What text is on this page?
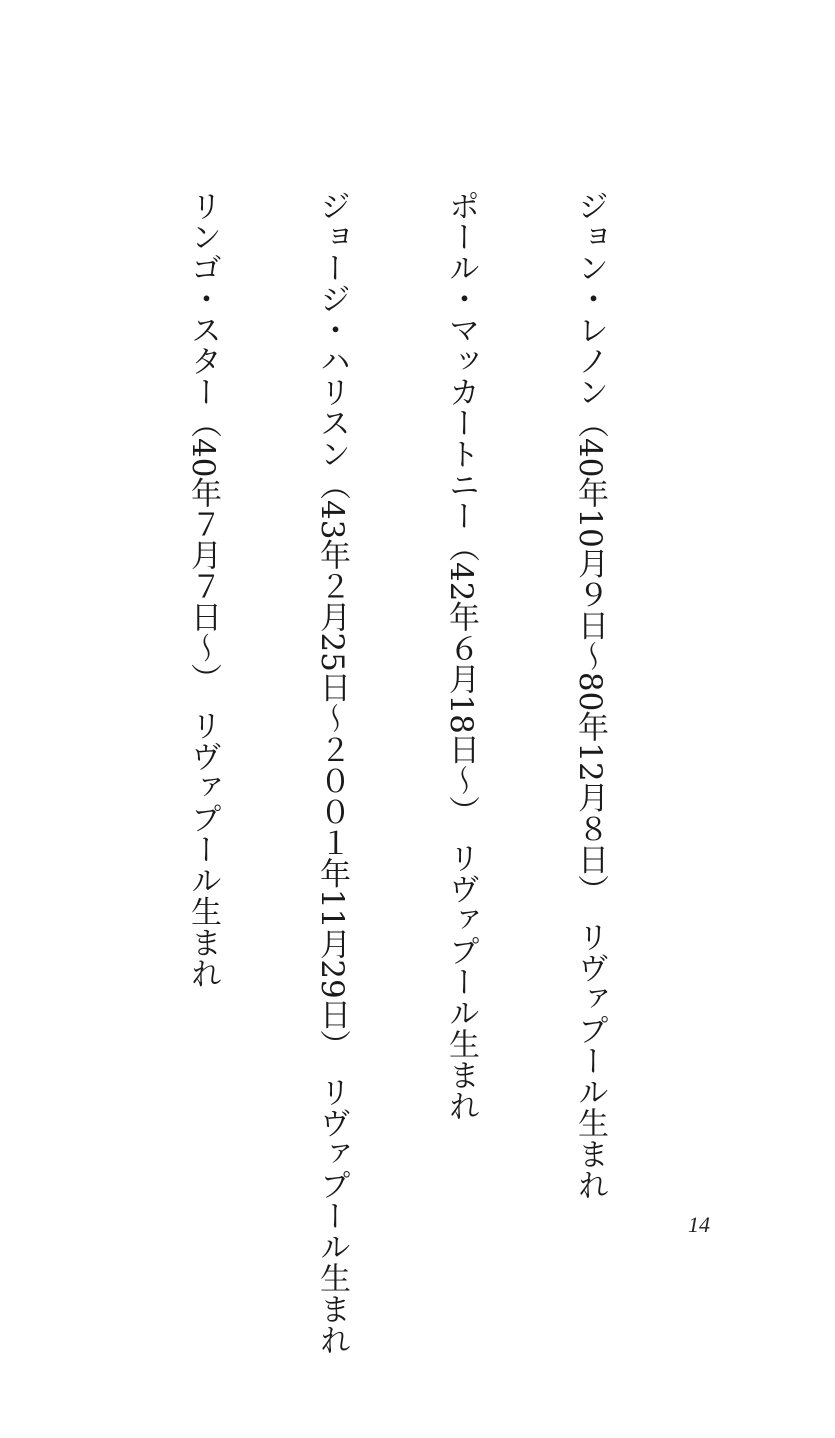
ジョン・レノン（40年10月９日〜80年12月８日）　リヴァプール生まれ

ポール・マッカートニー（42年６月18日〜）　リヴァプール生まれ

ジョージ・ハリスン（43年２月25日〜２００１年11月29日）　リヴァプール生まれ

リンゴ・スター（40年７月７日〜）　リヴァプール生まれ

14
